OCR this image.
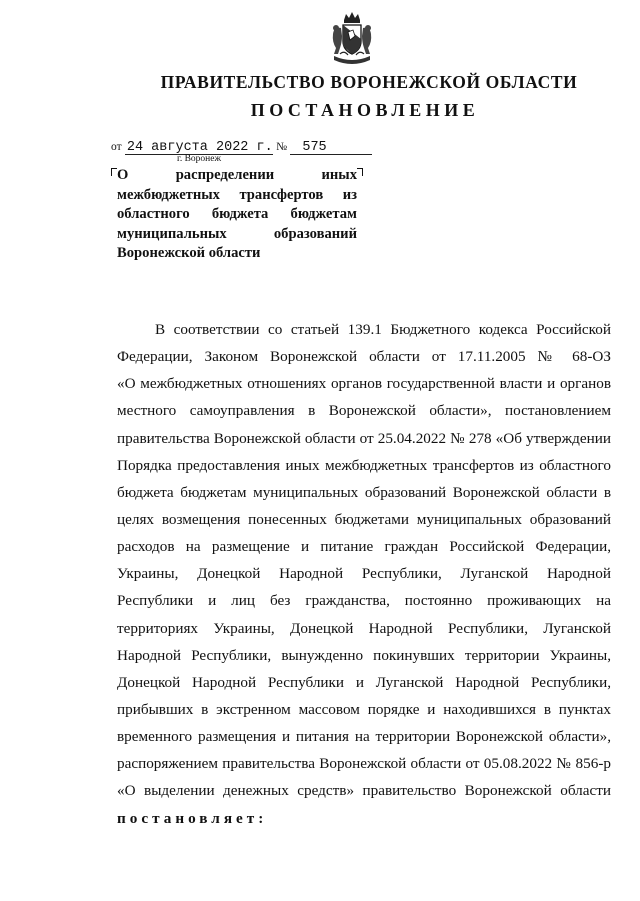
ПРАВИТЕЛЬСТВО ВОРОНЕЖСКОЙ ОБЛАСТИ
ПОСТАНОВЛЕНИЕ
от 24 августа 2022 г. № 575
г. Воронеж
О распределении иных межбюджетных трансфертов из областного бюджета бюджетам муниципальных образований Воронежской области
В соответствии со статьей 139.1 Бюджетного кодекса Российской
Федерации, Законом Воронежской области от 17.11.2005 № 68-ОЗ
«О межбюджетных отношениях органов государственной власти и органов
местного самоуправления в Воронежской области», постановлением
правительства Воронежской области от 25.04.2022 № 278 «Об утверждении
Порядка предоставления иных межбюджетных трансфертов из областного
бюджета бюджетам муниципальных образований Воронежской области в
целях возмещения понесенных бюджетами муниципальных образований
расходов на размещение и питание граждан Российской Федерации,
Украины, Донецкой Народной Республики, Луганской Народной
Республики и лиц без гражданства, постоянно проживающих на
территориях Украины, Донецкой Народной Республики, Луганской
Народной Республики, вынужденно покинувших территории Украины,
Донецкой Народной Республики и Луганской Народной Республики,
прибывших в экстренном массовом порядке и находившихся в пунктах
временного размещения и питания на территории Воронежской области»,
распоряжением правительства Воронежской области от 05.08.2022 № 856-р
«О выделении денежных средств» правительство Воронежской области
постановляет:
